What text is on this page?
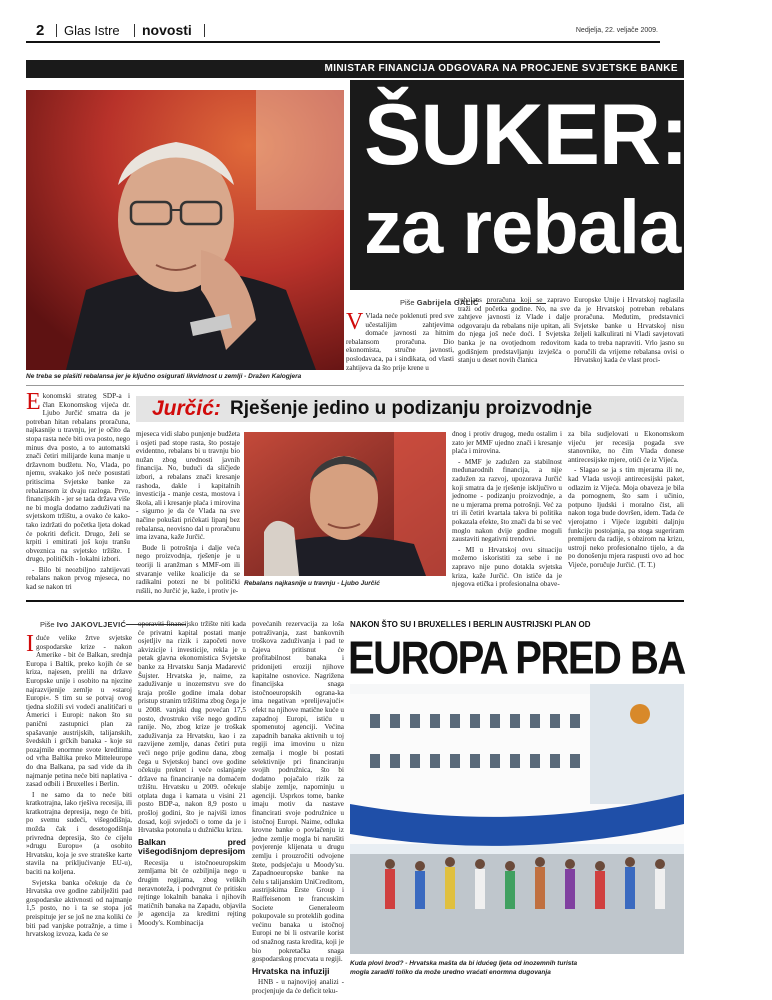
2 Glas Istre novosti	Nedjelja, 22. veljače 2009.
MINISTAR FINANCIJA ODGOVARA NA PROCJENE SVJETSKE BANKE
Ne treba se plašiti rebalansa jer je ključno osigurati likvidnost u zemlji - Dražen Kalogjera
ŠUKER: N
za rebala
Piše Gabrijela GALIĆ

V Vlada neće poklenuti pred sve učestalijim zahtjevima domaće javnosti za hitnim rebalansom proračuna. Dio ekonomista, stručne javnosti, poslodavaca, pa i sindikata, od vlasti zahtijeva da što prije krene u

rebalans proračuna koji se zapravo traži od početka godine. No, na sve zahtjeve javnosti iz Vlade i dalje odgovaraju da rebalans nije upitan, ali do njega još neće doći. I Svjetska banka je na ovotjednom redovitom godišnjem predstavljanju izvješća o stanju u deset novih članica

Europske Unije i Hrvatskoj naglasila da je Hrvatskoj potreban rebalans proračuna. Međutim, predstavnici Svjetske banke u Hrvatskoj nisu željeli kalkulirati ni Vladi savjetovati kada to treba napraviti. Vrlo jasno su poručili da vrijeme rebalansa ovisi o Hrvatskoj kada će vlast proci-

Ekonomski strateg SDP-a i član Ekonomskog vijeća dr. Ljubo Jurčić smatra da je potreban hitan rebalans proračuna, najkasnije u travnju, jer je očito da stopa rasta neće biti ova posto, nego minus dva posto, a to automatski znači četiri milijarde kuna manje u državnom budžetu. No, Vlada, po njemu, svakako još neće posustati pritiscima Svjetske banke za rebalansom iz dvaju razloga. Prvo, financijskih - jer se tada država više ne bi mogla dodatno zaduživati na svjetskom tržištu, a ovako će kako-tako izdržati do početka ljeta dokad će pokriti deficit. Drugo, želi se krpiti i emitirati još koju tranšu obveznica na svjetsko tržište. I drugo, političkih - lokalni izbori.

- Bilo bi neozbiljno zahtijevati rebalans nakon prvog mjeseca, no kad se nakon tri

Jurčić: Rješenje jedino u podizanju proizvodnje

mjeseca vidi slabo punjenje budžeta i osjeti pad stope rasta, što postaje evidentno, rebalans bi u travnju bio nužan zbog urednosti javnih financija. No, budući da sličjede izbori, a rebalans znači kresanje rashoda, dakle i kapitalnih investicija - manje cesta, mostova i škola, ali i kresanje plaća i mirovina - sigurno je da će Vlada na sve načine pokušati pričekati lipanj bez rebalansa, neovisno dal u proračunu ima izvana, kaže Jurčić.

Bude li potrošnja i dalje veća nego proizvodnja, rješenje je u teoriji li aranžman s MMF-om ili stvaranje velike koalicije da se radikalni potezi ne bi politički rušili, no Jurčić je, kaže, i protiv je-

Rebalans najkasnije u travnju - Ljubo Jurčić

dnog i protiv drugog, među ostalim i zato jer MMF ujedno znači i kresanje plaća i mirovina.

- MMF je zadužen za stabilnost međunarodnih financija, a nije zadužen za razvoj, upozorava Jurčić koji smatra da je rješenje isključivo u jednome - podizanju proizvodnje, a ne u mjerama prema potrošnji. Već za tri ili četiri kvartala takva bi politika pokazala efekte, što znači da bi se već moglo nakon dvije godine moguli zaustaviti negativni trendovi.

- MI u Hrvatskoj ovu situaciju možemo iskoristiti za sebe i ne zapravo nije puno dotakla svjetska kriza, kaže Jurčić. On ističe da je njegova etička i profesionalna obave-

za bila sudjelovati u Ekonomskom vijeću jer recesija pogađa sve stanovnike, no čim Vlada donese antirecesijske mjere, otići će iz Vijeća.

- Slagao se ja s tim mjerama ili ne, kad Vlada usvoji antirecesijski paket, odlazim iz Vijeća. Moja obaveza je bila da pomognem, što sam i učinio, potpuno ljudski i moralno čist, ali nakon toga bude dovršen, idem. Tada će vjerojatno i Vijeće izgubiti daljnju funkciju postojanja, pa stoga sugeriram premijeru da radije, s obzirom na krizu, ustroji neko profesionalno tijelo, a da po donošenju mjera raspusti ovo ad hoc Vijeće, poručuje Jurčić. (T. T.)

Piše Ivo JAKOVLJEVIĆ

Iduće velike žrtve svjetske gospodarske krize - nakon Amerike - bit će Balkan, srednja Europa i Baltik, preko kojih će se kriza, najesen, prelili na države Europske unije i osobito na njezine najrazvijenije zemlje u »staroj Europi«. S tim su se potvaj ovog tjedna složili svi vodeći analitičari u Americi i Europi: nakon što su panični zastupnici plan za spašavanje austrijskih, talijanskih, švedskih i grčkih banaka - koje su pozajmile enormne svote kreditima od vrha Baltika preko Mitteleurope do dna Balkana, pa sad vide da ih najmanje petina neće biti naplativa - zasad odbili i Bruxelles i Berlin.

I ne samo da to neće biti kratkotrajna, lako rješiva recesija, ili kratkotrajna depresija, nego će biti, po svemu sudeći, višegodišnja, možda čak i desetogodišnja privredna depresija, što će cijelu »drugu Europu« (a osobito Hrvatsku, koja je sve strateške karte stavila na prikljućivanje EU-u), baciti na koljena.

Svjetska banka očekuje da će Hrvatska ove godine zabilježiti pad gospodarske aktivnosti od najmanje 1,5 posto, no i ta se stopa još preispituje jer se još ne zna koliki će biti pad vanjske potražnje, a time i hrvatskog izvoza, kada će se

oporaviti financijsko tržište niti kada će privatni kapital postati manje osjetljiv na rizik i započeti nove akvizicije i investicije, rekla je u petak glavna ekonomistica Svjetske banke za Hrvatsku Sanja Madarević Šujster. Hrvatska je, naime, za zaduživanje u inozemstvu sve do kraja prošle godine imala dobar pristup stranim tržištima zbog čega je u 2008. vanjski dug povećan 17,5 posto, dvostruko više nego godinu ranije. No, zbog krize je troškak zaduživanja za Hrvatsku, kao i za razvijene zemlje, danas četiri puta veći nego prije godinu dana, zbog čega u Svjetskoj banci ove godine očekuju prekret i veće oslanjanje države na financiranje na domaćem tržištu. Hrvatsku u 2009. očekuje otplata duga i kamata u visini 21 posto BDP-a, nakon 8,9 posto u prošloj godini, što je najviši iznos dosad, koji svjedoči o tome da je i Hrvatska potonula u dužničku krizu.

Balkan pred višegodišnjom depresijom

Recesija u istočnoeuropskim zemljama bit će ozbiljnija nego u drugim regijama, zbog velikih neravnoteža, i podvrgnut će pritisku rejtinge lokalnih banaka i njihovih matičnih banaka na Zapadu, objavila je agencija za kreditni rejting Moody's. Kombinacija

povećanih rezervacija za loša potraživanja, zast bankovnih troškova zaduživanja i pad te čajeva pritisnut će profitabilnost banaka i pridonijeti eroziji njihove kapitalne osnovice. Nagrižena financijska snaga istočnoeuropskih ograna-ka ima negativan »prelijevajući« efekt na njihove matične kuće u zapadnoj Europi, istiću u spomenutoj agenciji. Većina zapadnih banaka aktivnih u toj regiji ima imovinu u nizu zemalja i mogle bi postati selektivnije pri financiranju svojih podružnica, što bi dodatno pojačalo rizik za slabije zemlje, napominju u agenciji. Usprkos tome, banke imaju motiv da nastave financirati svoje podružnice u istočnoj Europi. Naime, odluka krovne banke o povlačenju iz jedne zemlje mogla bi narušiti povjerenje klijenata u drugu zemlju i prouzročiti odvojene štete, podsjećaju u Moody'su. Zapadnoeuropske banke na čelu s talijanskim UniCreditom, austrijskima Erste Group i Raiffeisenom te francuskim Societe Generaleom pokupovale su proteklih godina većinu banaka u istočnoj Europi ne bi li ostvarile korist od snažnog rasta kredita, koji je bio pokretačka snaga gospodarskog procvata u regiji.

Hrvatska na infuziji

HNB - u najnovijoj analizi - procjenjuje da će deficit teku-

NAKON ŠTO SU I BRUXELLES I BERLIN AUSTRIJSKI PLAN OD
EUROPA PRED BA
Kuda plovi brod? - Hrvatska mašta da bi idućeg ljeta od inozemnih turista
mogla zaraditi toliko da može uredno vraćati enormna dugovanja
